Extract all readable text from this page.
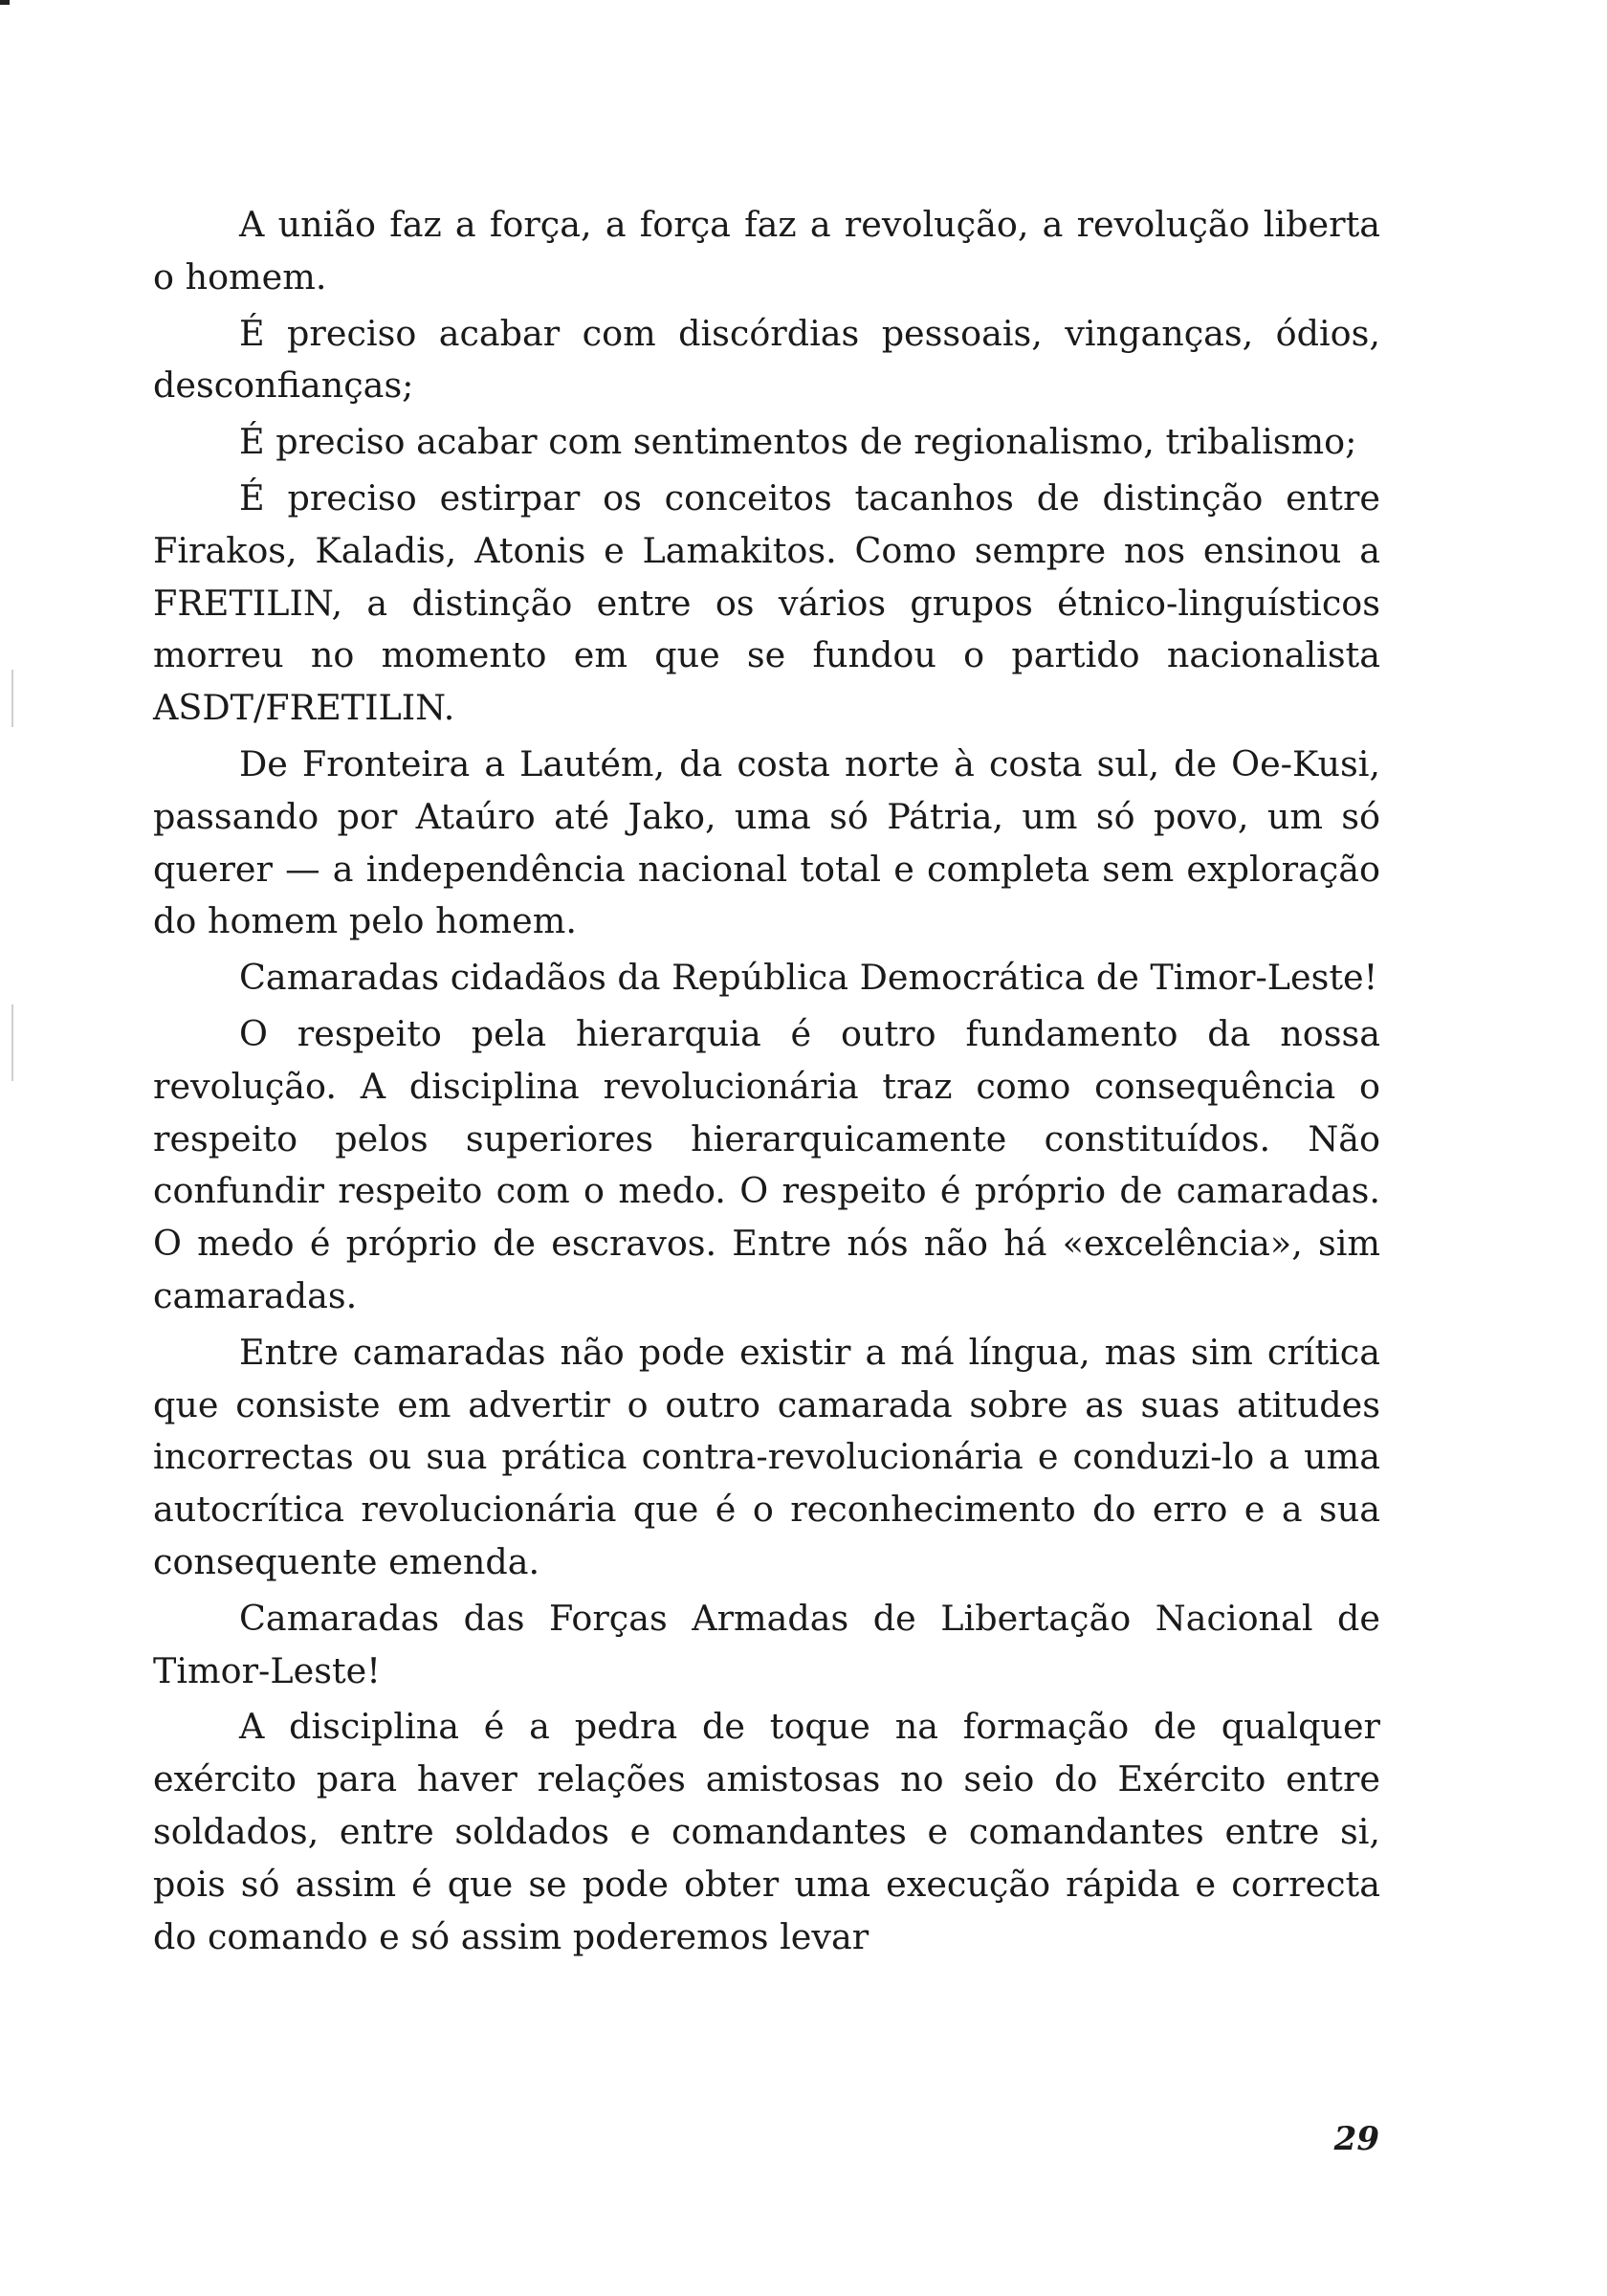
A união faz a força, a força faz a revolução, a revolução liberta o homem.

É preciso acabar com discórdias pessoais, vinganças, ódios, desconfianças;

É preciso acabar com sentimentos de regionalismo, tribalismo;

É preciso estirpar os conceitos tacanhos de distinção entre Firakos, Kaladis, Atonis e Lamakitos. Como sempre nos ensinou a FRETILIN, a distinção entre os vários grupos étnico-linguísticos morreu no momento em que se fundou o partido nacionalista ASDT/FRETILIN.

De Fronteira a Lautém, da costa norte à costa sul, de Oe-Kusi, passando por Ataúro até Jako, uma só Pátria, um só povo, um só querer — a independência nacional total e completa sem exploração do homem pelo homem.

Camaradas cidadãos da República Democrática de Timor-Leste!

O respeito pela hierarquia é outro fundamento da nossa revolução. A disciplina revolucionária traz como consequência o respeito pelos superiores hierarquicamente constituídos. Não confundir respeito com o medo. O respeito é próprio de camaradas. O medo é próprio de escravos. Entre nós não há «excelência», sim camaradas.

Entre camaradas não pode existir a má língua, mas sim crítica que consiste em advertir o outro camarada sobre as suas atitudes incorrectas ou sua prática contra-revolucionária e conduzi-lo a uma autocrítica revolucionária que é o reconhecimento do erro e a sua consequente emenda.

Camaradas das Forças Armadas de Libertação Nacional de Timor-Leste!

A disciplina é a pedra de toque na formação de qualquer exército para haver relações amistosas no seio do Exército entre soldados, entre soldados e comandantes e comandantes entre si, pois só assim é que se pode obter uma execução rápida e correcta do comando e só assim poderemos levar

29
